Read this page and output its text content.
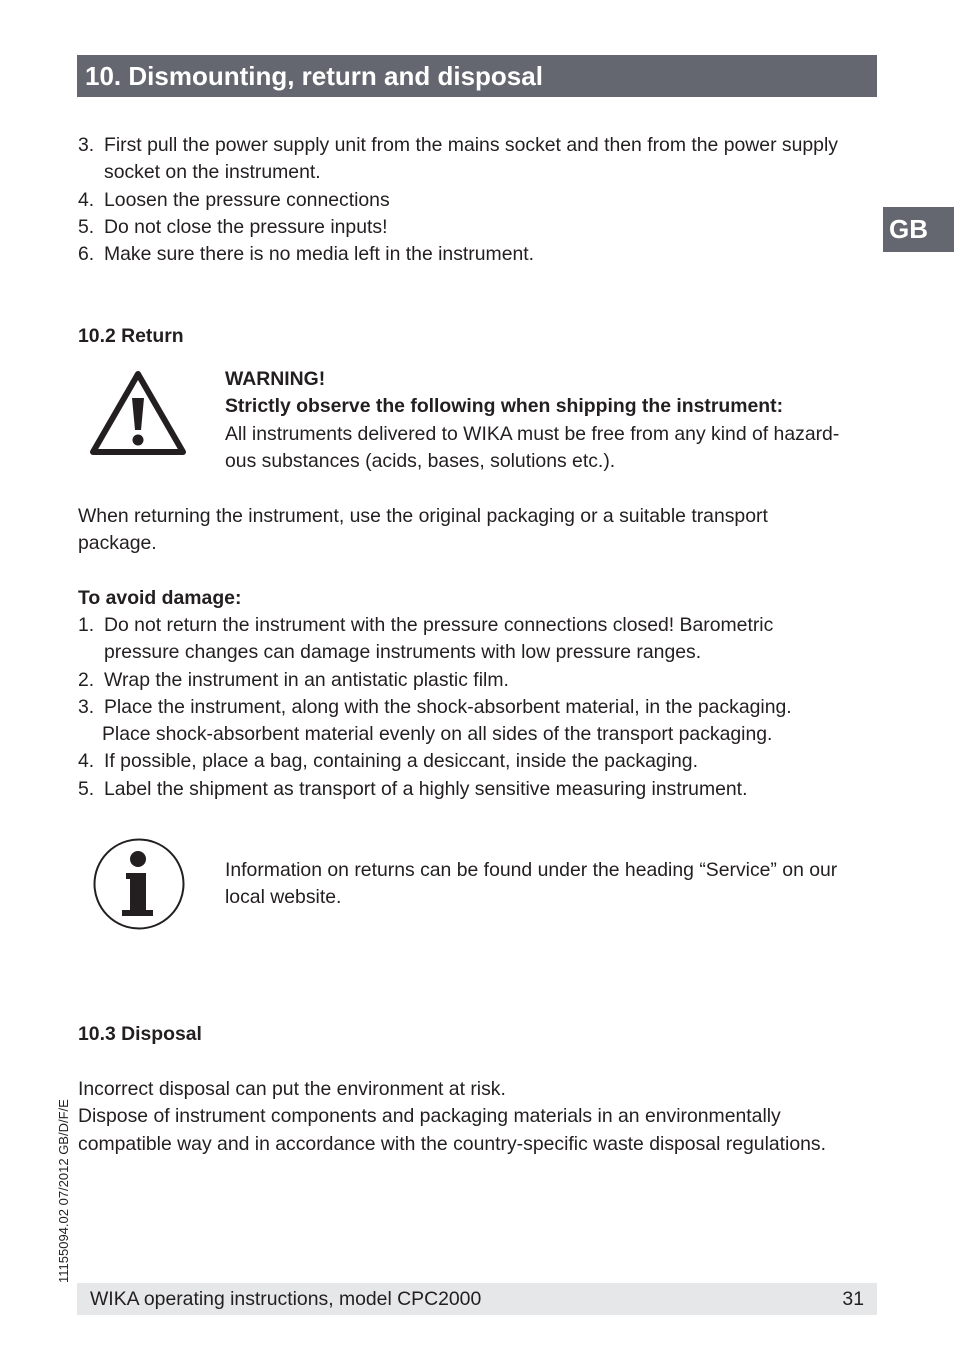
10. Dismounting, return and disposal
GB
3. First pull the power supply unit from the mains socket and then from the power supply
socket on the instrument.
4. Loosen the pressure connections
5. Do not close the pressure inputs!
6. Make sure there is no media left in the instrument.
10.2 Return
WARNING!
Strictly observe the following when shipping the instrument:
All instruments delivered to WIKA must be free from any kind of hazard-
ous substances (acids, bases, solutions etc.).
When returning the instrument, use the original packaging or a suitable transport
package.
To avoid damage:
1. Do not return the instrument with the pressure connections closed! Barometric
pressure changes can damage instruments with low pressure ranges.
2. Wrap the instrument in an antistatic plastic film.
3. Place the instrument, along with the shock-absorbent material, in the packaging.
Place shock-absorbent material evenly on all sides of the transport packaging.
4. If possible, place a bag, containing a desiccant, inside the packaging.
5. Label the shipment as transport of a highly sensitive measuring instrument.
Information on returns can be found under the heading “Service” on our
local website.
10.3 Disposal
Incorrect disposal can put the environment at risk.
Dispose of instrument components and packaging materials in an environmentally
compatible way and in accordance with the country-specific waste disposal regulations.
11155094.02 07/2012 GB/D/F/E
WIKA operating instructions, model CPC2000	31
